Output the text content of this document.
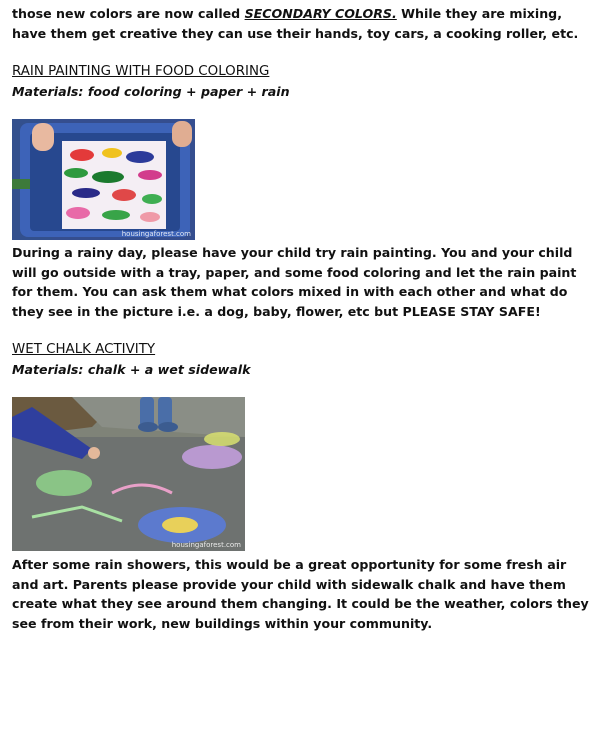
those new colors are now called SECONDARY COLORS. While they are mixing, have them get creative they can use their hands, toy cars, a cooking roller, etc.

RAIN PAINTING WITH FOOD COLORING

Materials: food coloring + paper + rain

housingaforest.com

During a rainy day, please have your child try rain painting. You and your child will go outside with a tray, paper, and some food coloring and let the rain paint for them. You can ask them what colors mixed in with each other and what do they see in the picture i.e. a dog, baby, flower, etc but PLEASE STAY SAFE!

WET CHALK ACTIVITY

Materials: chalk + a wet sidewalk

housingaforest.com

After some rain showers, this would be a great opportunity for some fresh air and art. Parents please provide your child with sidewalk chalk and have them create what they see around them changing. It could be the weather, colors they see from their work, new buildings within your community.
